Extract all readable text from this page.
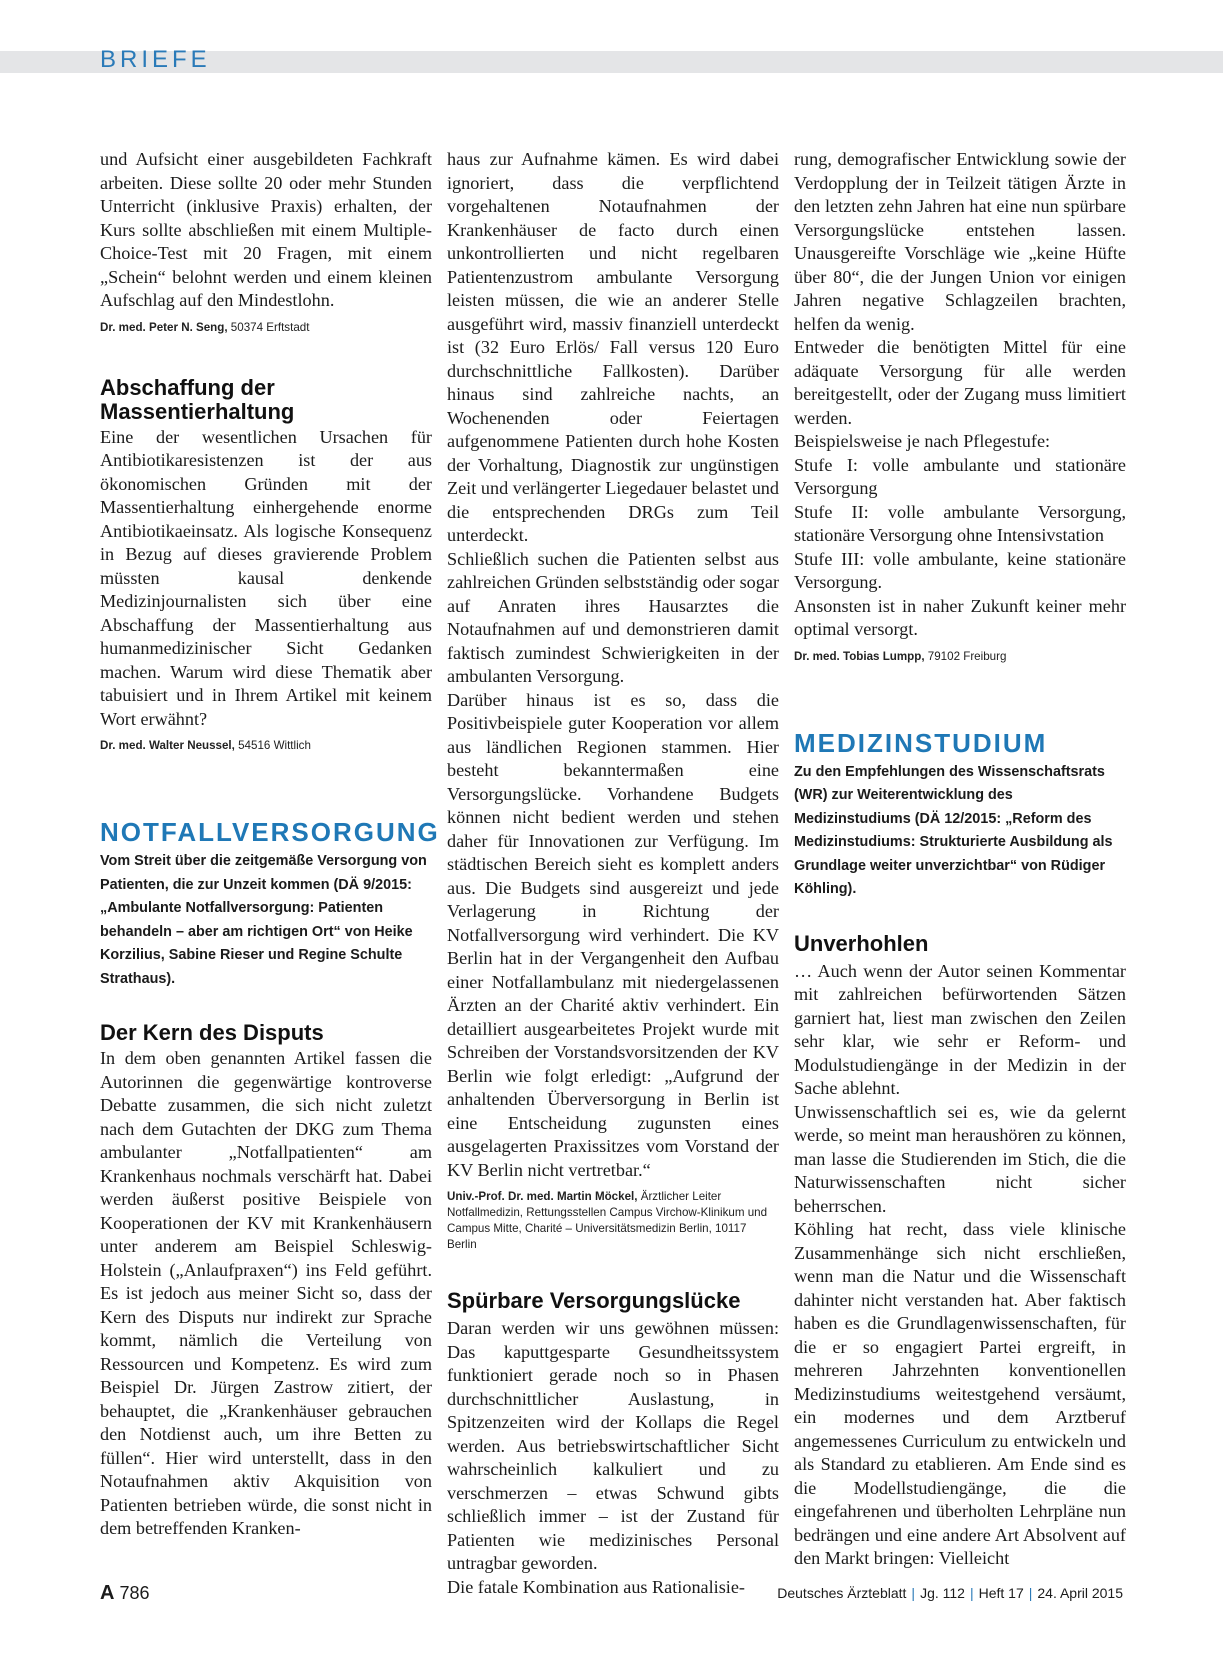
BRIEFE

und Aufsicht einer ausgebildeten Fachkraft arbeiten. Diese sollte 20 oder mehr Stunden Unterricht (inklusive Praxis) erhalten, der Kurs sollte abschließen mit einem Multiple-Choice-Test mit 20 Fragen, mit einem „Schein“ belohnt werden und einem kleinen Aufschlag auf den Mindestlohn.

Dr. med. Peter N. Seng, 50374 Erftstadt

Abschaffung der Massentierhaltung

Eine der wesentlichen Ursachen für Antibiotikaresistenzen ist der aus ökonomischen Gründen mit der Massentierhaltung einhergehende enorme Antibiotikaeinsatz. Als logische Konsequenz in Bezug auf dieses gravierende Problem müssten kausal denkende Medizinjournalisten sich über eine Abschaffung der Massentierhaltung aus humanmedizinischer Sicht Gedanken machen. Warum wird diese Thematik aber tabuisiert und in Ihrem Artikel mit keinem Wort erwähnt?

Dr. med. Walter Neussel, 54516 Wittlich

NOTFALLVERSORGUNG

Vom Streit über die zeitgemäße Versorgung von Patienten, die zur Unzeit kommen (DÄ 9/2015: „Ambulante Notfallversorgung: Patienten behandeln – aber am richtigen Ort“ von Heike Korzilius, Sabine Rieser und Regine Schulte Strathaus).

Der Kern des Disputs

In dem oben genannten Artikel fassen die Autorinnen die gegenwärtige kontroverse Debatte zusammen, die sich nicht zuletzt nach dem Gutachten der DKG zum Thema ambulanter „Notfallpatienten“ am Krankenhaus nochmals verschärft hat. Dabei werden äußerst positive Beispiele von Kooperationen der KV mit Krankenhäusern unter anderem am Beispiel Schleswig-Holstein („Anlaufpraxen“) ins Feld geführt. Es ist jedoch aus meiner Sicht so, dass der Kern des Disputs nur indirekt zur Sprache kommt, nämlich die Verteilung von Ressourcen und Kompetenz. Es wird zum Beispiel Dr. Jürgen Zastrow zitiert, der behauptet, die „Krankenhäuser gebrauchen den Notdienst auch, um ihre Betten zu füllen“. Hier wird unterstellt, dass in den Notaufnahmen aktiv Akquisition von Patienten betrieben würde, die sonst nicht in dem betreffenden Kranken-

haus zur Aufnahme kämen. Es wird dabei ignoriert, dass die verpflichtend vorgehaltenen Notaufnahmen der Krankenhäuser de facto durch einen unkontrollierten und nicht regelbaren Patientenzustrom ambulante Versorgung leisten müssen, die wie an anderer Stelle ausgeführt wird, massiv finanziell unterdeckt ist (32 Euro Erlös/ Fall versus 120 Euro durchschnittliche Fallkosten). Darüber hinaus sind zahlreiche nachts, an Wochenenden oder Feiertagen aufgenommene Patienten durch hohe Kosten der Vorhaltung, Diagnostik zur ungünstigen Zeit und verlängerter Liegedauer belastet und die entsprechenden DRGs zum Teil unterdeckt.

Schließlich suchen die Patienten selbst aus zahlreichen Gründen selbstständig oder sogar auf Anraten ihres Hausarztes die Notaufnahmen auf und demonstrieren damit faktisch zumindest Schwierigkeiten in der ambulanten Versorgung.

Darüber hinaus ist es so, dass die Positivbeispiele guter Kooperation vor allem aus ländlichen Regionen stammen. Hier besteht bekanntermaßen eine Versorgungslücke. Vorhandene Budgets können nicht bedient werden und stehen daher für Innovationen zur Verfügung. Im städtischen Bereich sieht es komplett anders aus. Die Budgets sind ausgereizt und jede Verlagerung in Richtung der Notfallversorgung wird verhindert. Die KV Berlin hat in der Vergangenheit den Aufbau einer Notfallambulanz mit niedergelassenen Ärzten an der Charité aktiv verhindert. Ein detailliert ausgearbeitetes Projekt wurde mit Schreiben der Vorstandsvorsitzenden der KV Berlin wie folgt erledigt: „Aufgrund der anhaltenden Überversorgung in Berlin ist eine Entscheidung zugunsten eines ausgelagerten Praxissitzes vom Vorstand der KV Berlin nicht vertretbar.“

Univ.-Prof. Dr. med. Martin Möckel, Ärztlicher Leiter Notfallmedizin, Rettungsstellen Campus Virchow-Klinikum und Campus Mitte, Charité – Universitätsmedizin Berlin, 10117 Berlin

Spürbare Versorgungslücke

Daran werden wir uns gewöhnen müssen: Das kaputtgesparte Gesundheitssystem funktioniert gerade noch so in Phasen durchschnittlicher Auslastung, in Spitzenzeiten wird der Kollaps die Regel werden. Aus betriebswirtschaftlicher Sicht wahrscheinlich kalkuliert und zu verschmerzen – etwas Schwund gibts schließlich immer – ist der Zustand für Patienten wie medizinisches Personal untragbar geworden.

Die fatale Kombination aus Rationalisie-

rung, demografischer Entwicklung sowie der Verdopplung der in Teilzeit tätigen Ärzte in den letzten zehn Jahren hat eine nun spürbare Versorgungslücke entstehen lassen. Unausgereifte Vorschläge wie „keine Hüfte über 80“, die der Jungen Union vor einigen Jahren negative Schlagzeilen brachten, helfen da wenig.

Entweder die benötigten Mittel für eine adäquate Versorgung für alle werden bereitgestellt, oder der Zugang muss limitiert werden.

Beispielsweise je nach Pflegestufe:

Stufe I: volle ambulante und stationäre Versorgung

Stufe II: volle ambulante Versorgung, stationäre Versorgung ohne Intensivstation

Stufe III: volle ambulante, keine stationäre Versorgung.

Ansonsten ist in naher Zukunft keiner mehr optimal versorgt.

Dr. med. Tobias Lumpp, 79102 Freiburg

MEDIZINSTUDIUM

Zu den Empfehlungen des Wissenschaftsrats (WR) zur Weiterentwicklung des Medizinstudiums (DÄ 12/2015: „Reform des Medizinstudiums: Strukturierte Ausbildung als Grundlage weiter unverzichtbar“ von Rüdiger Köhling).

Unverhohlen

… Auch wenn der Autor seinen Kommentar mit zahlreichen befürwortenden Sätzen garniert hat, liest man zwischen den Zeilen sehr klar, wie sehr er Reform- und Modulstudiengänge in der Medizin in der Sache ablehnt.

Unwissenschaftlich sei es, wie da gelernt werde, so meint man heraushören zu können, man lasse die Studierenden im Stich, die die Naturwissenschaften nicht sicher beherrschen.

Köhling hat recht, dass viele klinische Zusammenhänge sich nicht erschließen, wenn man die Natur und die Wissenschaft dahinter nicht verstanden hat. Aber faktisch haben es die Grundlagenwissenschaften, für die er so engagiert Partei ergreift, in mehreren Jahrzehnten konventionellen Medizinstudiums weitestgehend versäumt, ein modernes und dem Arztberuf angemessenes Curriculum zu entwickeln und als Standard zu etablieren. Am Ende sind es die Modellstudiengänge, die die eingefahrenen und überholten Lehrpläne nun bedrängen und eine andere Art Absolvent auf den Markt bringen: Vielleicht

A 786	Deutsches Ärzteblatt | Jg. 112 | Heft 17 | 24. April 2015
